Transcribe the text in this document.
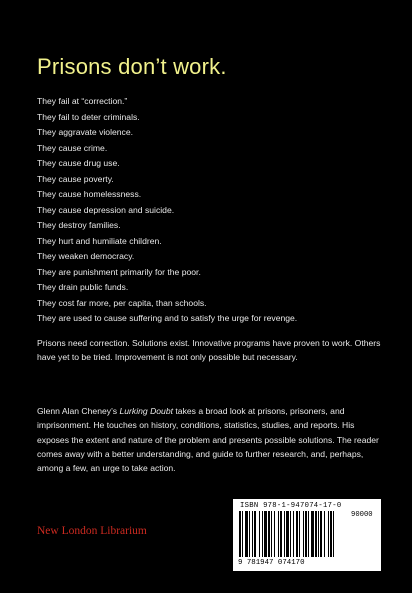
Prisons don’t work.
They fail at “correction.”
They fail to deter criminals.
They aggravate violence.
They cause crime.
They cause drug use.
They cause poverty.
They cause homelessness.
They cause depression and suicide.
They destroy families.
They hurt and humiliate children.
They weaken democracy.
They are punishment primarily for the poor.
They drain public funds.
They cost far more, per capita, than schools.
They are used to cause suffering and to satisfy the urge for revenge.

Prisons need correction. Solutions exist. Innovative programs have proven to work. Others have yet to be tried. Improvement is not only possible but necessary.

Glenn Alan Cheney’s Lurking Doubt takes a broad look at prisons, prisoners, and imprisonment. He touches on history, conditions, statistics, studies, and reports. His exposes the extent and nature of the problem and presents possible solutions. The reader comes away with a better understanding, and guide to further research, and, perhaps, among a few, an urge to take action.

New London Librarium
ISBN 978-1-947074-17-0
9 781947 074170
90000
